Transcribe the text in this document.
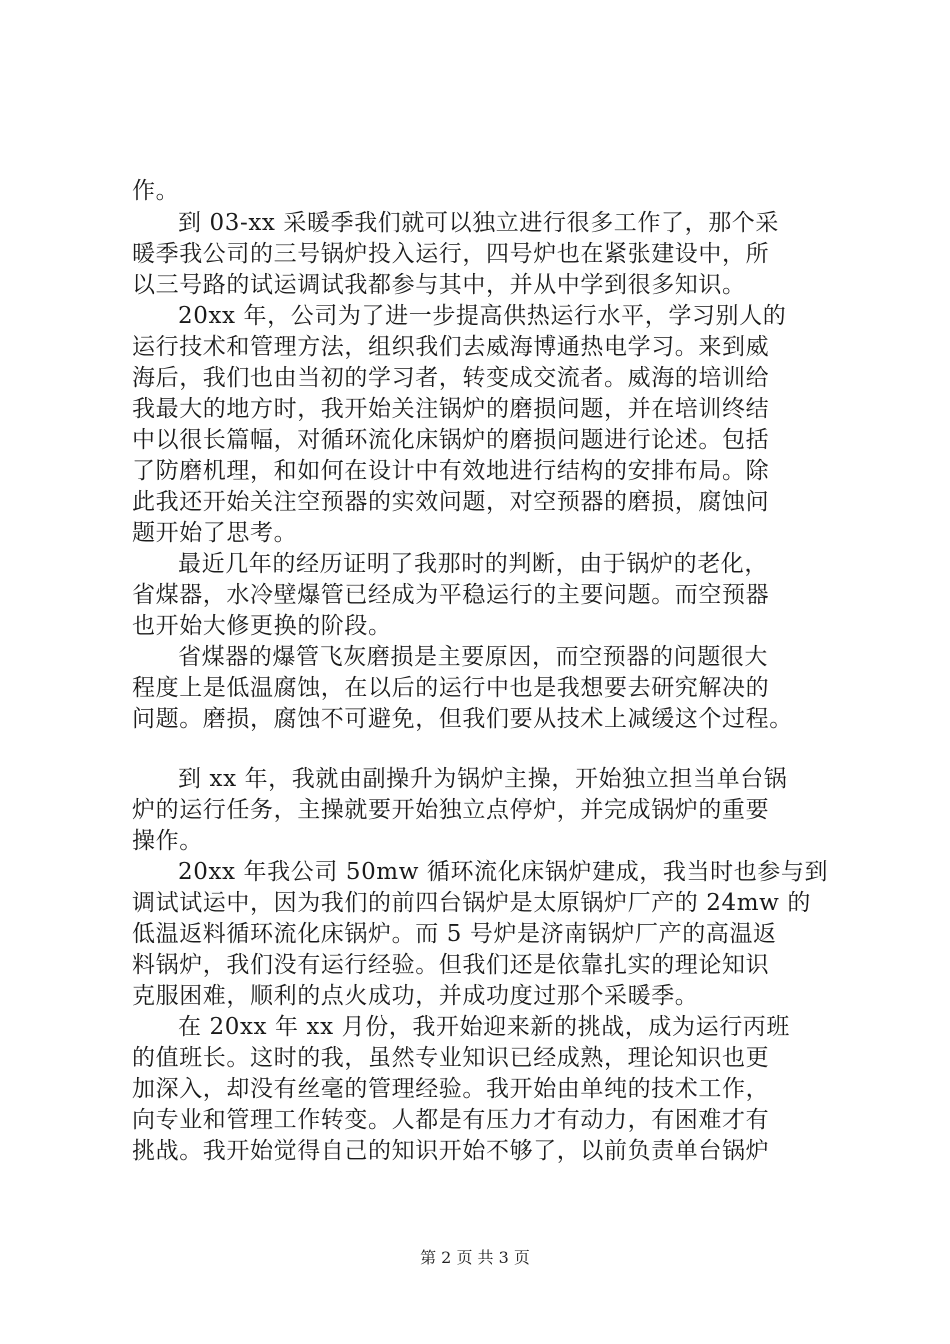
作。
到 03-xx 采暖季我们就可以独立进行很多工作了，那个采
暖季我公司的三号锅炉投入运行，四号炉也在紧张建设中，所
以三号路的试运调试我都参与其中，并从中学到很多知识。
20xx 年，公司为了进一步提高供热运行水平，学习别人的
运行技术和管理方法，组织我们去威海博通热电学习。来到威
海后，我们也由当初的学习者，转变成交流者。威海的培训给
我最大的地方时，我开始关注锅炉的磨损问题，并在培训终结
中以很长篇幅，对循环流化床锅炉的磨损问题进行论述。包括
了防磨机理，和如何在设计中有效地进行结构的安排布局。除
此我还开始关注空预器的实效问题，对空预器的磨损，腐蚀问
题开始了思考。
最近几年的经历证明了我那时的判断，由于锅炉的老化，
省煤器，水冷壁爆管已经成为平稳运行的主要问题。而空预器
也开始大修更换的阶段。
省煤器的爆管飞灰磨损是主要原因，而空预器的问题很大
程度上是低温腐蚀，在以后的运行中也是我想要去研究解决的
问题。磨损，腐蚀不可避免，但我们要从技术上减缓这个过程。
到 xx 年，我就由副操升为锅炉主操，开始独立担当单台锅
炉的运行任务，主操就要开始独立点停炉，并完成锅炉的重要
操作。
20xx 年我公司 50mw 循环流化床锅炉建成，我当时也参与到
调试试运中，因为我们的前四台锅炉是太原锅炉厂产的 24mw 的
低温返料循环流化床锅炉。而 5 号炉是济南锅炉厂产的高温返
料锅炉，我们没有运行经验。但我们还是依靠扎实的理论知识
克服困难，顺利的点火成功，并成功度过那个采暖季。
在 20xx 年 xx 月份，我开始迎来新的挑战，成为运行丙班
的值班长。这时的我，虽然专业知识已经成熟，理论知识也更
加深入，却没有丝毫的管理经验。我开始由单纯的技术工作，
向专业和管理工作转变。人都是有压力才有动力，有困难才有
挑战。我开始觉得自己的知识开始不够了，以前负责单台锅炉
第 2 页 共 3 页
